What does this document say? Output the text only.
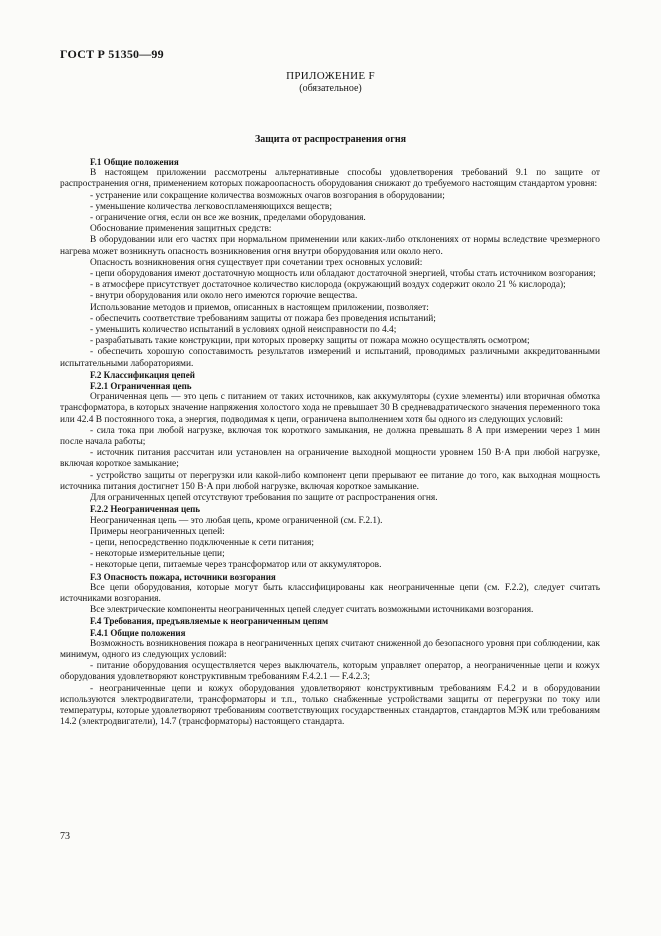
ГОСТ Р 51350—99
ПРИЛОЖЕНИЕ F
(обязательное)
Защита от распространения огня
F.1 Общие положения
В настоящем приложении рассмотрены альтернативные способы удовлетворения требований 9.1 по защите от распространения огня, применением которых пожароопасность оборудования снижают до требуемого настоящим стандартом уровня:
- устранение или сокращение количества возможных очагов возгорания в оборудовании;
- уменьшение количества легковоспламеняющихся веществ;
- ограничение огня, если он все же возник, пределами оборудования.
Обоснование применения защитных средств:
В оборудовании или его частях при нормальном применении или каких-либо отклонениях от нормы вследствие чрезмерного нагрева может возникнуть опасность возникновения огня внутри оборудования или около него.
Опасность возникновения огня существует при сочетании трех основных условий:
- цепи оборудования имеют достаточную мощность или обладают достаточной энергией, чтобы стать источником возгорания;
- в атмосфере присутствует достаточное количество кислорода (окружающий воздух содержит около 21 % кислорода);
- внутри оборудования или около него имеются горючие вещества.
Использование методов и приемов, описанных в настоящем приложении, позволяет:
- обеспечить соответствие требованиям защиты от пожара без проведения испытаний;
- уменьшить количество испытаний в условиях одной неисправности по 4.4;
- разрабатывать такие конструкции, при которых проверку защиты от пожара можно осуществлять осмотром;
- обеспечить хорошую сопоставимость результатов измерений и испытаний, проводимых различными аккредитованными испытательными лабораториями.
F.2 Классификация цепей
F.2.1 Ограниченная цепь
Ограниченная цепь — это цепь с питанием от таких источников, как аккумуляторы (сухие элементы) или вторичная обмотка трансформатора, в которых значение напряжения холостого хода не превышает 30 В средневадратического значения переменного тока или 42.4 В постоянного тока, а энергия, подводимая к цепи, ограничена выполнением хотя бы одного из следующих условий:
- сила тока при любой нагрузке, включая ток короткого замыкания, не должна превышать 8 А при измерении через 1 мин после начала работы;
- источник питания рассчитан или установлен на ограничение выходной мощности уровнем 150 В·А при любой нагрузке, включая короткое замыкание;
- устройство защиты от перегрузки или какой-либо компонент цепи прерывают ее питание до того, как выходная мощность источника питания достигнет 150 В·А при любой нагрузке, включая короткое замыкание.
Для ограниченных цепей отсутствуют требования по защите от распространения огня.
F.2.2 Неограниченная цепь
Неограниченная цепь — это любая цепь, кроме ограниченной (см. F.2.1).
Примеры неограниченных цепей:
- цепи, непосредственно подключенные к сети питания;
- некоторые измерительные цепи;
- некоторые цепи, питаемые через трансформатор или от аккумуляторов.
F.3 Опасность пожара, источники возгорания
Все цепи оборудования, которые могут быть классифицированы как неограниченные цепи (см. F.2.2), следует считать источниками возгорания.
Все электрические компоненты неограниченных цепей следует считать возможными источниками возгорания.
F.4 Требования, предъявляемые к неограниченным цепям
F.4.1 Общие положения
Возможность возникновения пожара в неограниченных цепях считают сниженной до безопасного уровня при соблюдении, как минимум, одного из следующих условий:
- питание оборудования осуществляется через выключатель, которым управляет оператор, а неограниченные цепи и кожух оборудования удовлетворяют конструктивным требованиям F.4.2.1 — F.4.2.3;
- неограниченные цепи и кожух оборудования удовлетворяют конструктивным требованиям F.4.2 и в оборудовании используются электродвигатели, трансформаторы и т.п., только снабженные устройствами защиты от перегрузки по току или температуры, которые удовлетворяют требованиям соответствующих государственных стандартов, стандартов МЭК или требованиям 14.2 (электродвигатели), 14.7 (трансформаторы) настоящего стандарта.
73
